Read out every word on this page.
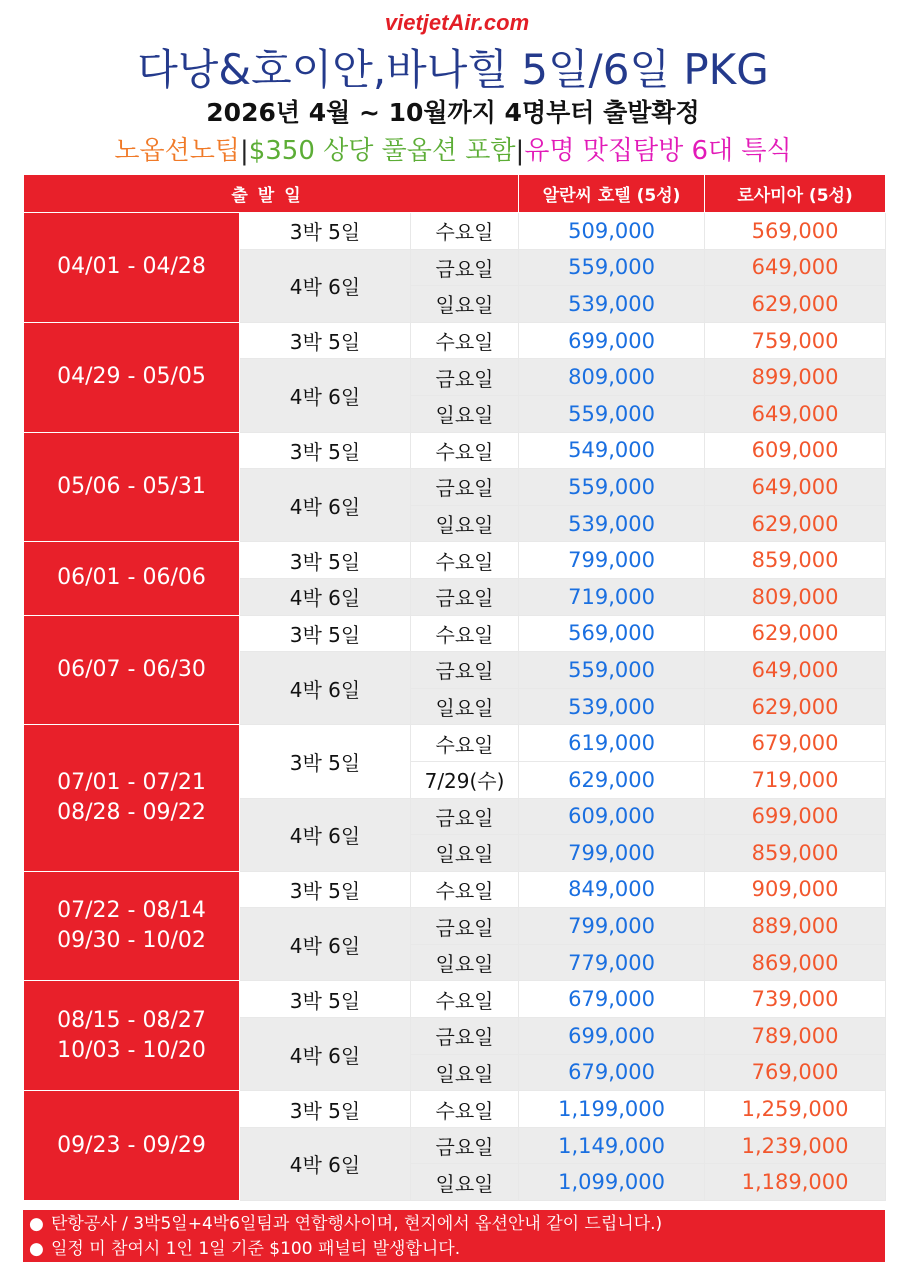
vietjetAir.com
다낭&호이안,바나힐 5일/6일 PKG
2026년 4월 ~ 10월까지 4명부터 출발확정
노옵션노팁|$350 상당 풀옵션 포함|유명 맛집탐방 6대 특식
출발일			알란씨 호텔 (5성)	로사미아 (5성)

04/01 - 04/28	3박 5일	수요일	509,000	569,000
	4박 6일	금요일	559,000	649,000
		일요일	539,000	629,000

04/29 - 05/05	3박 5일	수요일	699,000	759,000
	4박 6일	금요일	809,000	899,000
		일요일	559,000	649,000

05/06 - 05/31	3박 5일	수요일	549,000	609,000
	4박 6일	금요일	559,000	649,000
		일요일	539,000	629,000

06/01 - 06/06	3박 5일	수요일	799,000	859,000
	4박 6일	금요일	719,000	809,000

06/07 - 06/30	3박 5일	수요일	569,000	629,000
	4박 6일	금요일	559,000	649,000
		일요일	539,000	629,000

07/01 - 07/21
08/28 - 09/22	3박 5일	수요일	619,000	679,000
		7/29(수)	629,000	719,000
	4박 6일	금요일	609,000	699,000
		일요일	799,000	859,000

07/22 - 08/14
09/30 - 10/02	3박 5일	수요일	849,000	909,000
	4박 6일	금요일	799,000	889,000
		일요일	779,000	869,000

08/15 - 08/27
10/03 - 10/20	3박 5일	수요일	679,000	739,000
	4박 6일	금요일	699,000	789,000
		일요일	679,000	769,000

09/23 - 09/29	3박 5일	수요일	1,199,000	1,259,000
	4박 6일	금요일	1,149,000	1,239,000
		일요일	1,099,000	1,189,000
● 탄항공사 / 3박5일+4박6일팀과 연합행사이며, 현지에서 옵션안내 같이 드립니다.)
● 일정 미 참여시 1인 1일 기준 $100 패널티 발생합니다.
